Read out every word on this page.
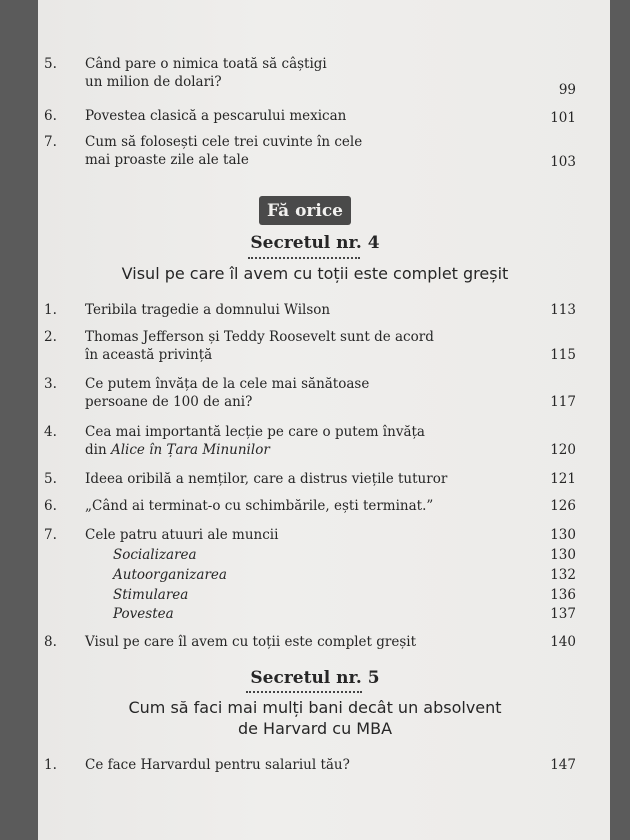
5.	Când pare o nimica toată să câștigi
un milion de dolari?	99
6.	Povestea clasică a pescarului mexican	101
7.	Cum să folosești cele trei cuvinte în cele
mai proaste zile ale tale	103
Fă orice
Secretul nr. 4
Visul pe care îl avem cu toții este complet greșit
1.	Teribila tragedie a domnului Wilson	113
2.	Thomas Jefferson și Teddy Roosevelt sunt de acord
în această privință	115
3.	Ce putem învăța de la cele mai sănătoase
persoane de 100 de ani?	117
4.	Cea mai importantă lecție pe care o putem învăța
din Alice în Țara Minunilor	120
5.	Ideea oribilă a nemților, care a distrus viețile tuturor	121
6.	„Când ai terminat-o cu schimbările, ești terminat.”	126
7.	Cele patru atuuri ale muncii	130
Socializarea	130
Autoorganizarea	132
Stimularea	136
Povestea	137
8.	Visul pe care îl avem cu toții este complet greșit	140
Secretul nr. 5
Cum să faci mai mulți bani decât un absolvent
de Harvard cu MBA
1.	Ce face Harvardul pentru salariul tău?	147
